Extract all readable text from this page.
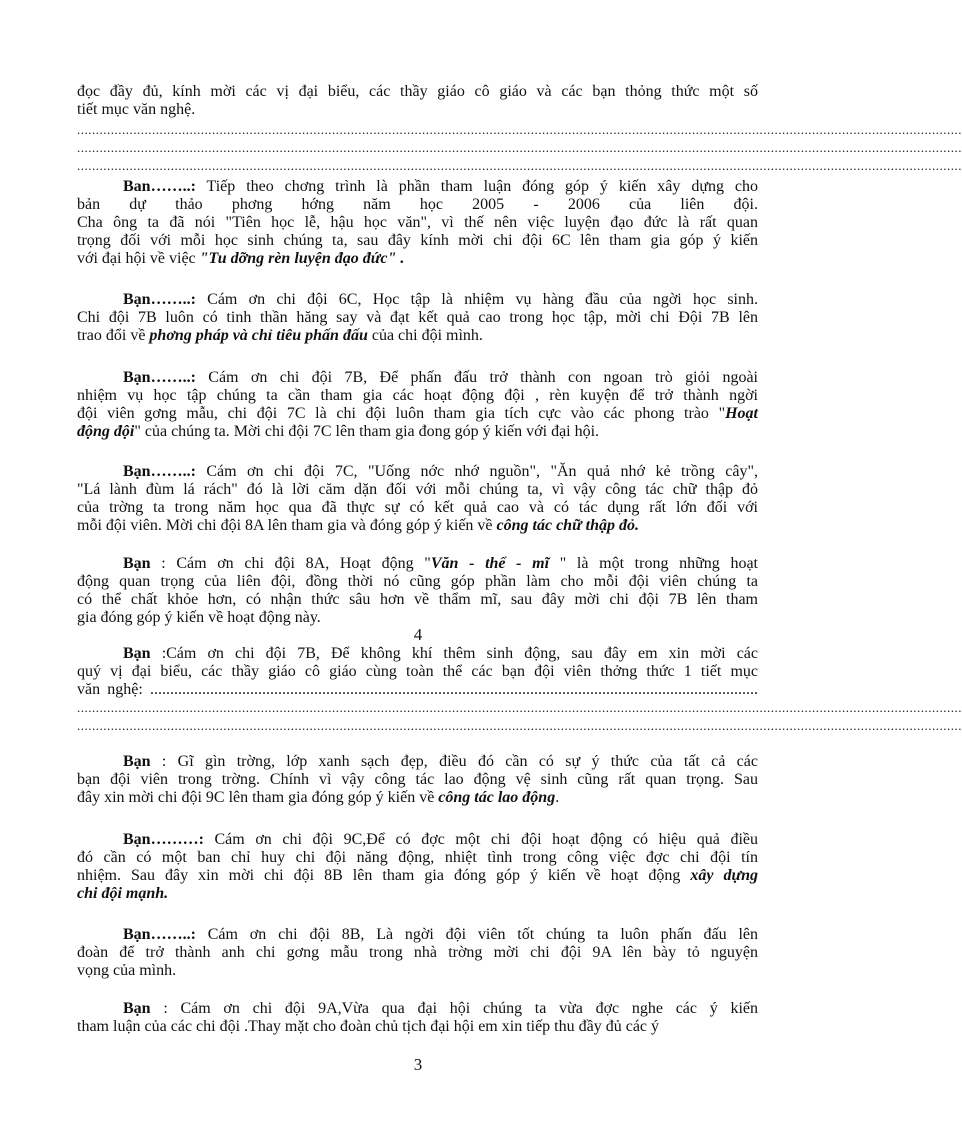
đọc đầy đủ, kính mời các vị đại biểu, các thầy giáo cô giáo và các bạn thỏng thức một số
tiết mục văn nghệ.
............................................................................................................................................................................................................................................
............................................................................................................................................................................................................................................
............................................................................................................................................................................................................................................
Ban……..: Tiếp theo chơng trình là phần tham luận đóng góp ý kiến xây dựng cho
bản dự thảo phơng hớng năm học 2005 - 2006 của liên đội.
Cha ông ta đã nói "Tiên học lễ, hậu học văn", vì thế nên việc luyện đạo đức là rất quan
trọng đối với mỗi học sinh chúng ta, sau đây kính mời chi đội 6C lên tham gia góp ý kiến
với đại hội về việc "Tu dỡng rèn luyện đạo đức" .
Bạn……..: Cám ơn chi đội 6C, Học tập là nhiệm vụ hàng đầu của ngời học sinh.
Chi đội 7B luôn có tinh thần hăng say và đạt kết quả cao trong học tập, mời chi Đội 7B lên
trao đổi về phơng pháp và chỉ tiêu phấn đấu của chi đội mình.
Bạn……..: Cám ơn chi đội 7B, Để phấn đấu trở thành con ngoan trò giỏi ngoài
nhiệm vụ học tập chúng ta cần tham gia các hoạt động đội , rèn kuyện để trở thành ngời
đội viên gơng mẫu, chi đội 7C là chi đội luôn tham gia tích cực vào các phong trào "Hoạt
động đội" của chúng ta. Mời chi đội 7C lên tham gia đong góp ý kiến với đại hội.
Bạn……..: Cám ơn chi đội 7C, "Uống nớc nhớ nguồn", "Ăn quả nhớ kẻ trồng cây",
"Lá lành đùm lá rách" đó là lời căm dặn đối với mỗi chúng ta, vì vậy công tác chữ thập đỏ
của trờng ta trong năm học qua đã thực sự có kết quả cao và có tác dụng rất lớn đối với
mỗi đội viên. Mời chi đội 8A lên tham gia và đóng góp ý kiến về công tác chữ thập đỏ.
Bạn : Cám ơn chi đội 8A, Hoạt động "Văn - thể - mĩ " là một trong những hoạt
động quan trọng của liên đội, đồng thời nó cũng góp phần làm cho mỗi đội viên chúng ta
có thể chất khỏe hơn, có nhận thức sâu hơn về thẩm mĩ, sau đây mời chi đội 7B lên tham
gia đóng góp ý kiến về hoạt động này.
4
Bạn :Cám ơn chi đội 7B, Để không khí thêm sinh động, sau đây em xin mời các
quý vị đại biểu, các thầy giáo cô giáo cùng toàn thể các bạn đội viên thởng thức 1 tiết mục
văn nghệ: ........................................................................................................................................................
............................................................................................................................................................................................................................................
............................................................................................................................................................................................................................................
Bạn : Gĩ gìn trờng, lớp xanh sạch đẹp, điều đó cần có sự ý thức của tất cả các
bạn đội viên trong trờng. Chính vì vậy công tác lao động vệ sinh cũng rất quan trọng. Sau
đây xin mời chi đội 9C lên tham gia đóng góp ý kiến về công tác lao động.
Bạn………: Cám ơn chi đội 9C,Để có đợc một chi đội hoạt động có hiệu quả điều
đó cần có một ban chỉ huy chi đội năng động, nhiệt tình trong công việc đợc chi đội tín
nhiệm. Sau đây xin mời chi đội 8B lên tham gia đóng góp ý kiến về hoạt động xây dựng
chi đội mạnh.
Bạn……..: Cám ơn chi đội 8B, Là ngời đội viên tốt chúng ta luôn phấn đấu lên
đoàn để trở thành anh chi gơng mẫu trong nhà trờng mời chi đội 9A lên bày tỏ nguyện
vọng của mình.
Bạn : Cám ơn chi đội 9A,Vừa qua đại hội chúng ta vừa đợc nghe các ý kiến
tham luận của các chi đội .Thay mặt cho đoàn chủ tịch đại hội em xin tiếp thu đầy đủ các ý
3
